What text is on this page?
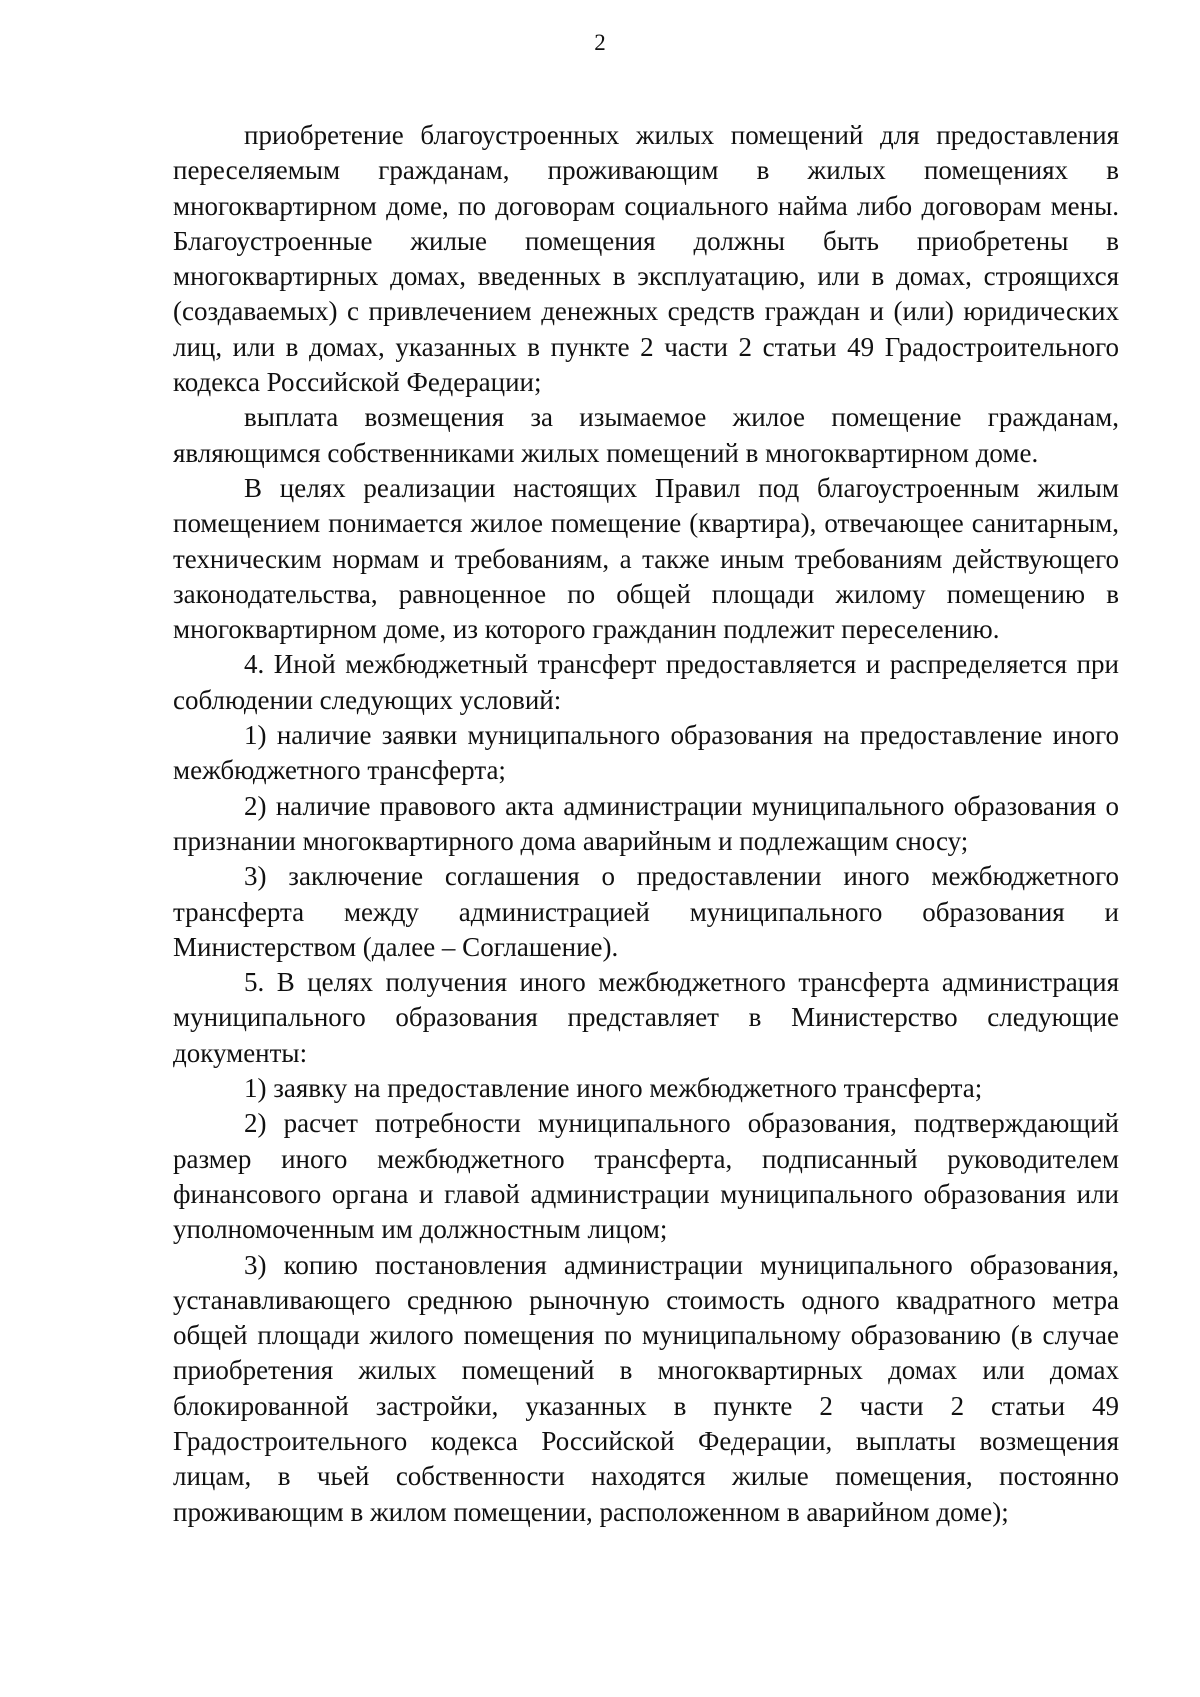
2

приобретение благоустроенных жилых помещений для предоставления переселяемым гражданам, проживающим в жилых помещениях в многоквартирном доме, по договорам социального найма либо договорам мены. Благоустроенные жилые помещения должны быть приобретены в многоквартирных домах, введенных в эксплуатацию, или в домах, строящихся (создаваемых) с привлечением денежных средств граждан и (или) юридических лиц, или в домах, указанных в пункте 2 части 2 статьи 49 Градостроительного кодекса Российской Федерации;

выплата возмещения за изымаемое жилое помещение гражданам, являющимся собственниками жилых помещений в многоквартирном доме.

В целях реализации настоящих Правил под благоустроенным жилым помещением понимается жилое помещение (квартира), отвечающее санитарным, техническим нормам и требованиям, а также иным требованиям действующего законодательства, равноценное по общей площади жилому помещению в многоквартирном доме, из которого гражданин подлежит переселению.

4. Иной межбюджетный трансферт предоставляется и распределяется при соблюдении следующих условий:

1) наличие заявки муниципального образования на предоставление иного межбюджетного трансферта;

2) наличие правового акта администрации муниципального образования о признании многоквартирного дома аварийным и подлежащим сносу;

3) заключение соглашения о предоставлении иного межбюджетного трансферта между администрацией муниципального образования и Министерством (далее – Соглашение).

5. В целях получения иного межбюджетного трансферта администрация муниципального образования представляет в Министерство следующие документы:

1) заявку на предоставление иного межбюджетного трансферта;

2) расчет потребности муниципального образования, подтверждающий размер иного межбюджетного трансферта, подписанный руководителем финансового органа и главой администрации муниципального образования или уполномоченным им должностным лицом;

3) копию постановления администрации муниципального образования, устанавливающего среднюю рыночную стоимость одного квадратного метра общей площади жилого помещения по муниципальному образованию (в случае приобретения жилых помещений в многоквартирных домах или домах блокированной застройки, указанных в пункте 2 части 2 статьи 49 Градостроительного кодекса Российской Федерации, выплаты возмещения лицам, в чьей собственности находятся жилые помещения, постоянно проживающим в жилом помещении, расположенном в аварийном доме);
